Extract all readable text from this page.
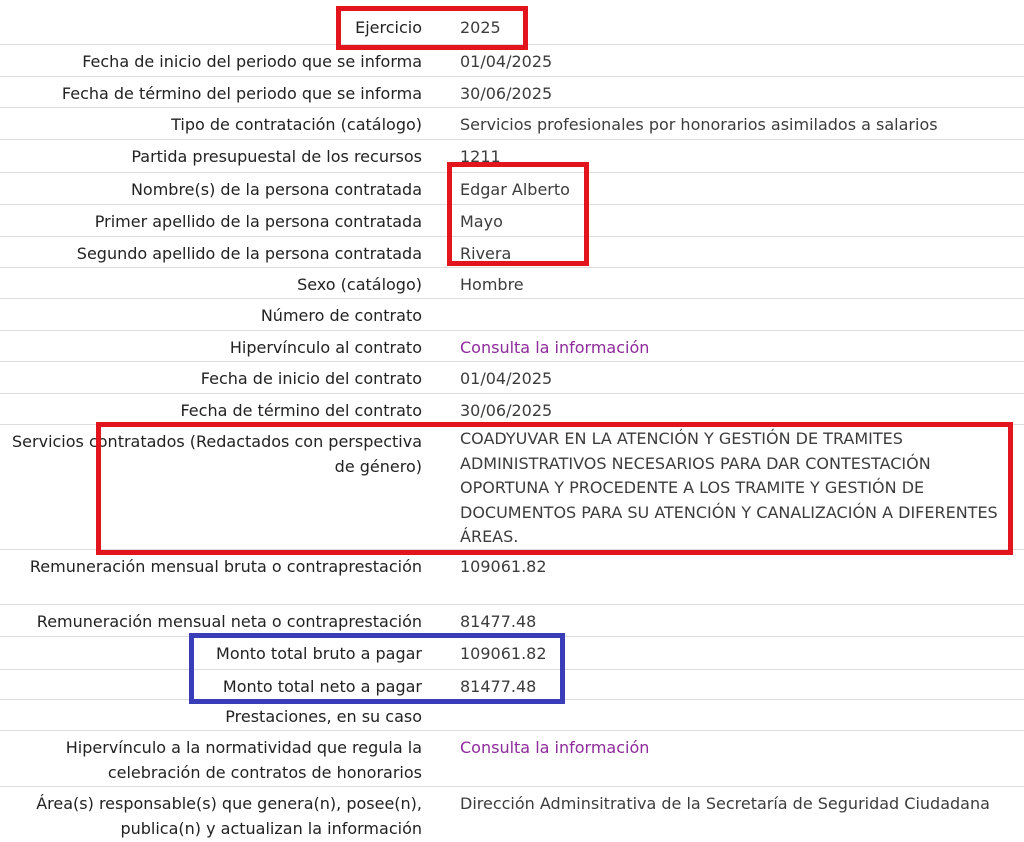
Ejercicio 2025
Fecha de inicio del periodo que se informa 01/04/2025
Fecha de término del periodo que se informa 30/06/2025
Tipo de contratación (catálogo) Servicios profesionales por honorarios asimilados a salarios
Partida presupuestal de los recursos 1211
Nombre(s) de la persona contratada Edgar Alberto
Primer apellido de la persona contratada Mayo
Segundo apellido de la persona contratada Rivera
Sexo (catálogo) Hombre
Número de contrato
Hipervínculo al contrato Consulta la información
Fecha de inicio del contrato 01/04/2025
Fecha de término del contrato 30/06/2025
Servicios contratados (Redactados con perspectiva de género)
COADYUVAR EN LA ATENCIÓN Y GESTIÓN DE TRAMITES ADMINISTRATIVOS NECESARIOS PARA DAR CONTESTACIÓN OPORTUNA Y PROCEDENTE A LOS TRAMITE Y GESTIÓN DE DOCUMENTOS PARA SU ATENCIÓN Y CANALIZACIÓN A DIFERENTES ÁREAS.
Remuneración mensual bruta o contraprestación 109061.82
Remuneración mensual neta o contraprestación 81477.48
Monto total bruto a pagar 109061.82
Monto total neto a pagar 81477.48
Prestaciones, en su caso
Hipervínculo a la normatividad que regula la celebración de contratos de honorarios
Consulta la información
Área(s) responsable(s) que genera(n), posee(n), publica(n) y actualizan la información
Dirección Adminsitrativa de la Secretaría de Seguridad Ciudadana
